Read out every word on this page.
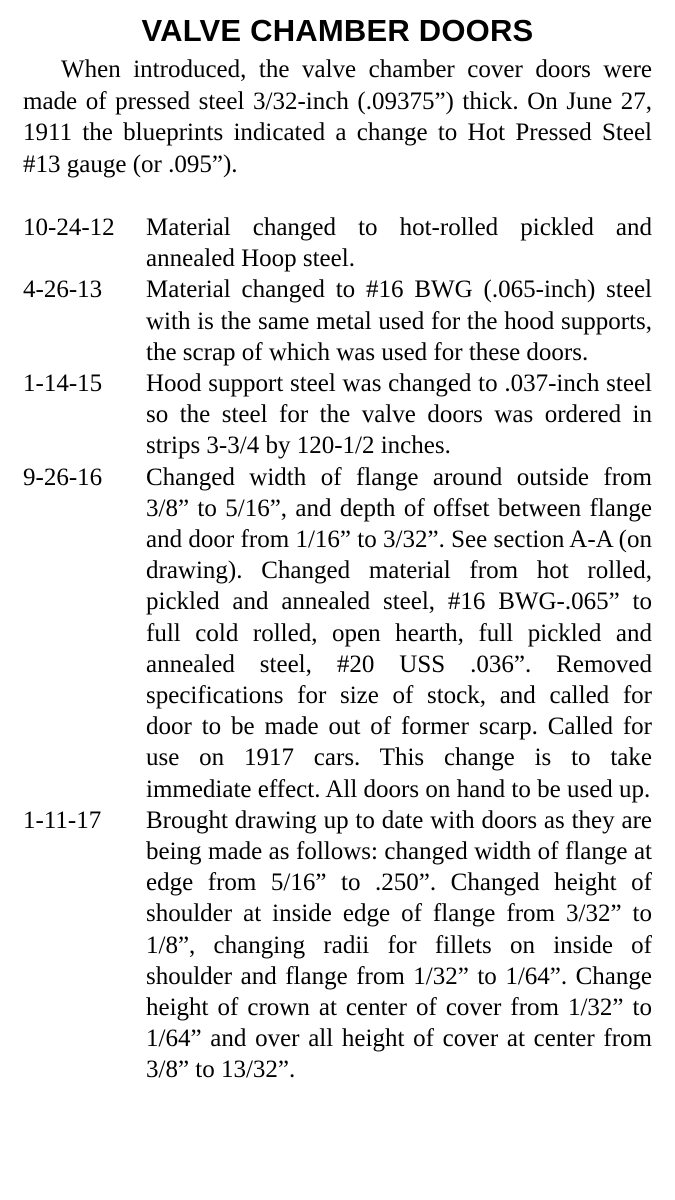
VALVE CHAMBER DOORS

When introduced, the valve chamber cover doors were made of pressed steel 3/32-inch (.09375”) thick. On June 27, 1911 the blueprints indicated a change to Hot Pressed Steel #13 gauge (or .095”).

10-24-12	Material changed to hot-rolled pickled and annealed Hoop steel.
4-26-13	Material changed to #16 BWG (.065-inch) steel with is the same metal used for the hood supports, the scrap of which was used for these doors.
1-14-15	Hood support steel was changed to .037-inch steel so the steel for the valve doors was ordered in strips 3-3/4 by 120-1/2 inches.
9-26-16	Changed width of flange around outside from 3/8” to 5/16”, and depth of offset between flange and door from 1/16” to 3/32”. See section A-A (on drawing). Changed material from hot rolled, pickled and annealed steel, #16 BWG-.065” to full cold rolled, open hearth, full pickled and annealed steel, #20 USS .036”. Removed specifications for size of stock, and called for door to be made out of former scarp. Called for use on 1917 cars. This change is to take immediate effect. All doors on hand to be used up.
1-11-17	Brought drawing up to date with doors as they are being made as follows: changed width of flange at edge from 5/16” to .250”. Changed height of shoulder at inside edge of flange from 3/32” to 1/8”, changing radii for fillets on inside of shoulder and flange from 1/32” to 1/64”. Change height of crown at center of cover from 1/32” to 1/64” and over all height of cover at center from 3/8” to 13/32”.
